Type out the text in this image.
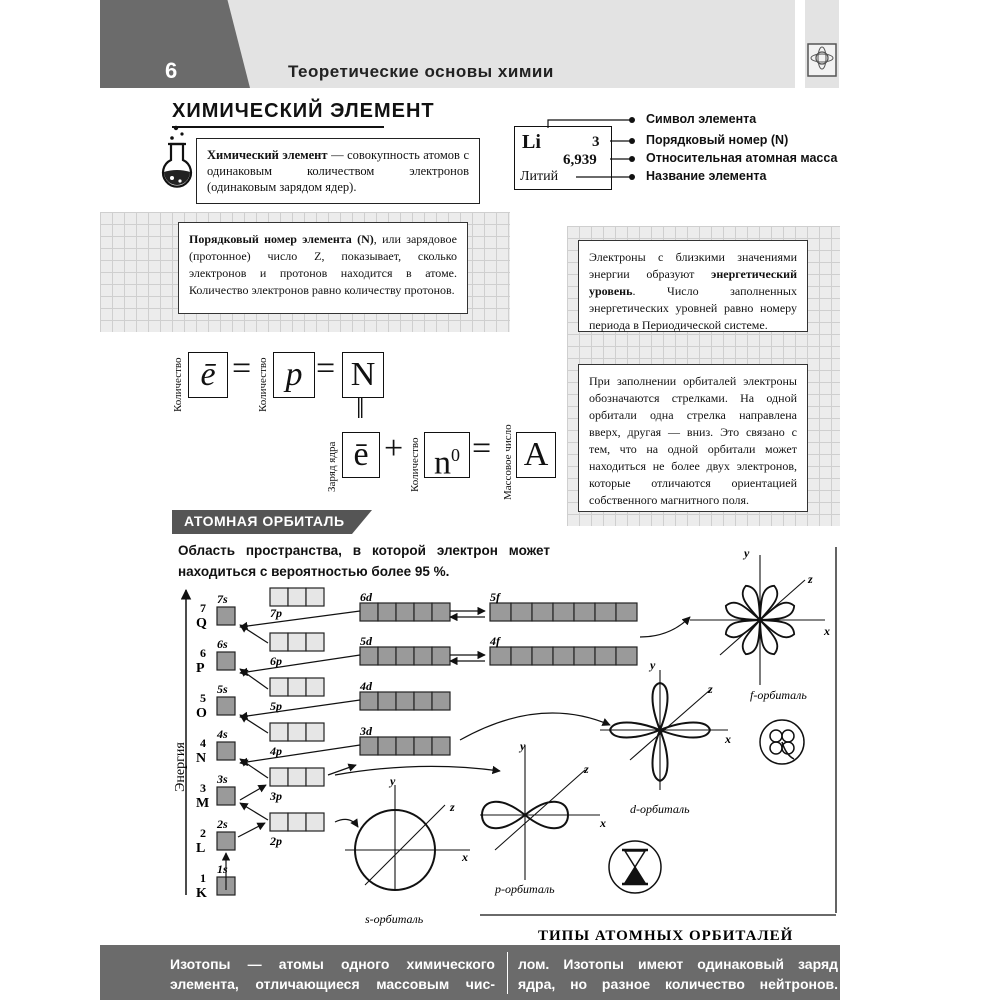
6	Теоретические основы химии
ХИМИЧЕСКИЙ ЭЛЕМЕНТ
Химический элемент — совокупность атомов с одинаковым количеством электронов (одинаковым зарядом ядер).
Li	3
6,939
Литий
Символ элемента
Порядковый номер (N)
Относительная атомная масса
Название элемента
Порядковый номер элемента (N), или зарядовое (протонное) число Z, показывает, сколько электронов и протонов находится в атоме. Количество электронов равно количеству протонов.
Электроны с близкими значениями энергии образуют энергетический уровень. Число заполненных энергетических уровней равно номеру периода в Периодической системе.
При заполнении орбиталей электроны обозначаются стрелками. На одной орбитали одна стрелка направлена вверх, другая — вниз. Это связано с тем, что на одной орбитали может находиться не более двух электронов, которые отличаются ориентацией собственного магнитного поля.
Количество ē = Количество p = N
‖
Заряд ядра ē + Количество $n^0$ = Массовое число A
АТОМНАЯ ОРБИТАЛЬ
Область пространства, в которой электрон может находиться с вероятностью более 95 %.
Энергия
7
Q
6
P
5
O
4
N
3
M
2
L
1
K
7s
6s
5s
4s
3s
2s
1s
7p
6p
5p
4p
3p
2p
6d
5d
4d
3d
5f
4f
y
z
x
s-орбиталь
y
z
x
p-орбиталь
y
z
x
d-орбиталь
y
z
x
f-орбиталь
ТИПЫ АТОМНЫХ ОРБИТАЛЕЙ
Изотопы — атомы одного химического элемента, отличающиеся массовым чис-
лом. Изотопы имеют одинаковый заряд ядра, но разное количество нейтронов.
